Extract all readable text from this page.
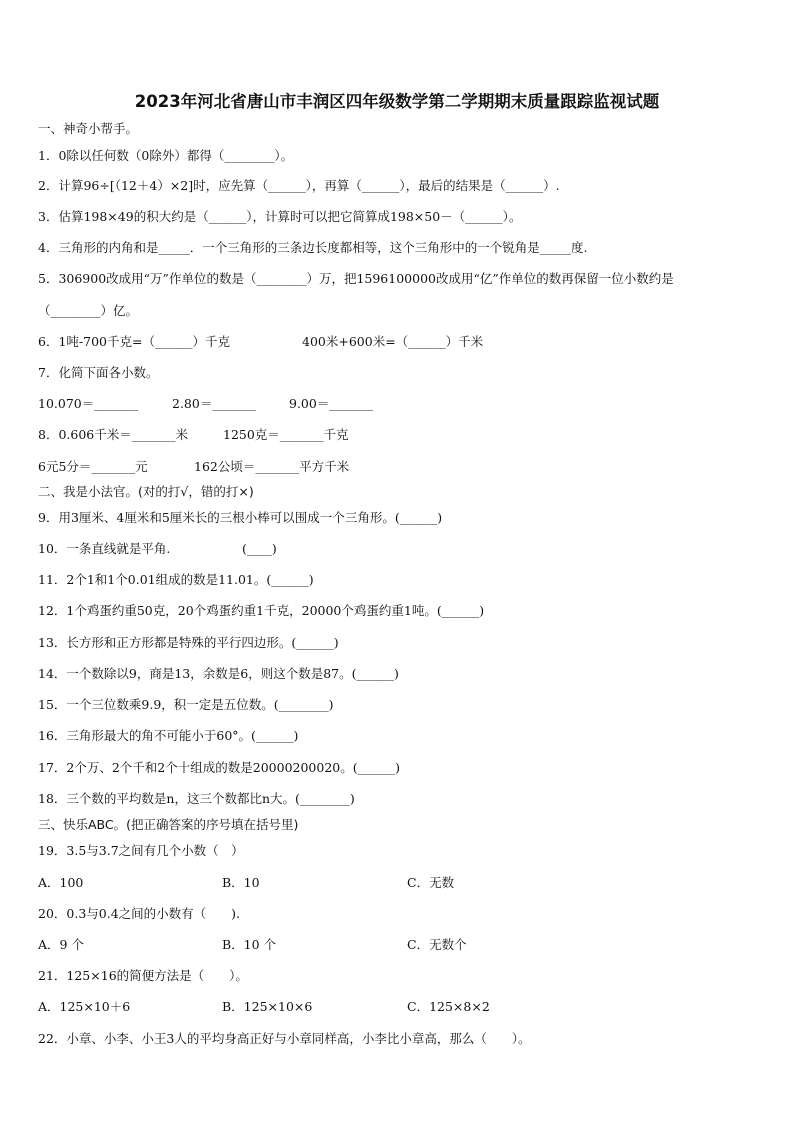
2023年河北省唐山市丰润区四年级数学第二学期期末质量跟踪监视试题
一、神奇小帮手。
1．0除以任何数（0除外）都得（________）。
2．计算96÷[（12＋4）×2]时，应先算（______），再算（______），最后的结果是（______）.
3．估算198×49的积大约是（______），计算时可以把它简算成198×50－（______）。
4．三角形的内角和是_____．一个三角形的三条边长度都相等，这个三角形中的一个锐角是_____度.
5．306900改成用“万”作单位的数是（________）万，把1596100000改成用“亿”作单位的数再保留一位小数约是
（________）亿。
6．1吨-700千克=（______）千克	400米+600米=（______）千米
7．化简下面各小数。
10.070＝_______	2.80＝_______	9.00＝_______
8．0.606千米＝_______米	1250克＝_______千克
6元5分＝_______元	162公顷＝_______平方千米
二、我是小法官。(对的打√，错的打×)
9．用3厘米、4厘米和5厘米长的三根小棒可以围成一个三角形。(______)
10．一条直线就是平角.	(____)
11．2个1和1个0.01组成的数是11.01。(______)
12．1个鸡蛋约重50克，20个鸡蛋约重1千克，20000个鸡蛋约重1吨。(______)
13．长方形和正方形都是特殊的平行四边形。(______)
14．一个数除以9，商是13，余数是6，则这个数是87。(______)
15．一个三位数乘9.9，积一定是五位数。(________)
16．三角形最大的角不可能小于60°。(______)
17．2个万、2个千和2个十组成的数是20000200020。(______)
18．三个数的平均数是n，这三个数都比n大。(________)
三、快乐ABC。(把正确答案的序号填在括号里)
19．3.5与3.7之间有几个小数（　）
A．100	B．10	C．无数
20．0.3与0.4之间的小数有（　　).
A．9 个	B．10 个	C．无数个
21．125×16的简便方法是（　　）。
A．125×10＋6	B．125×10×6	C．125×8×2
22．小章、小李、小王3人的平均身高正好与小章同样高，小李比小章高，那么（　　）。
